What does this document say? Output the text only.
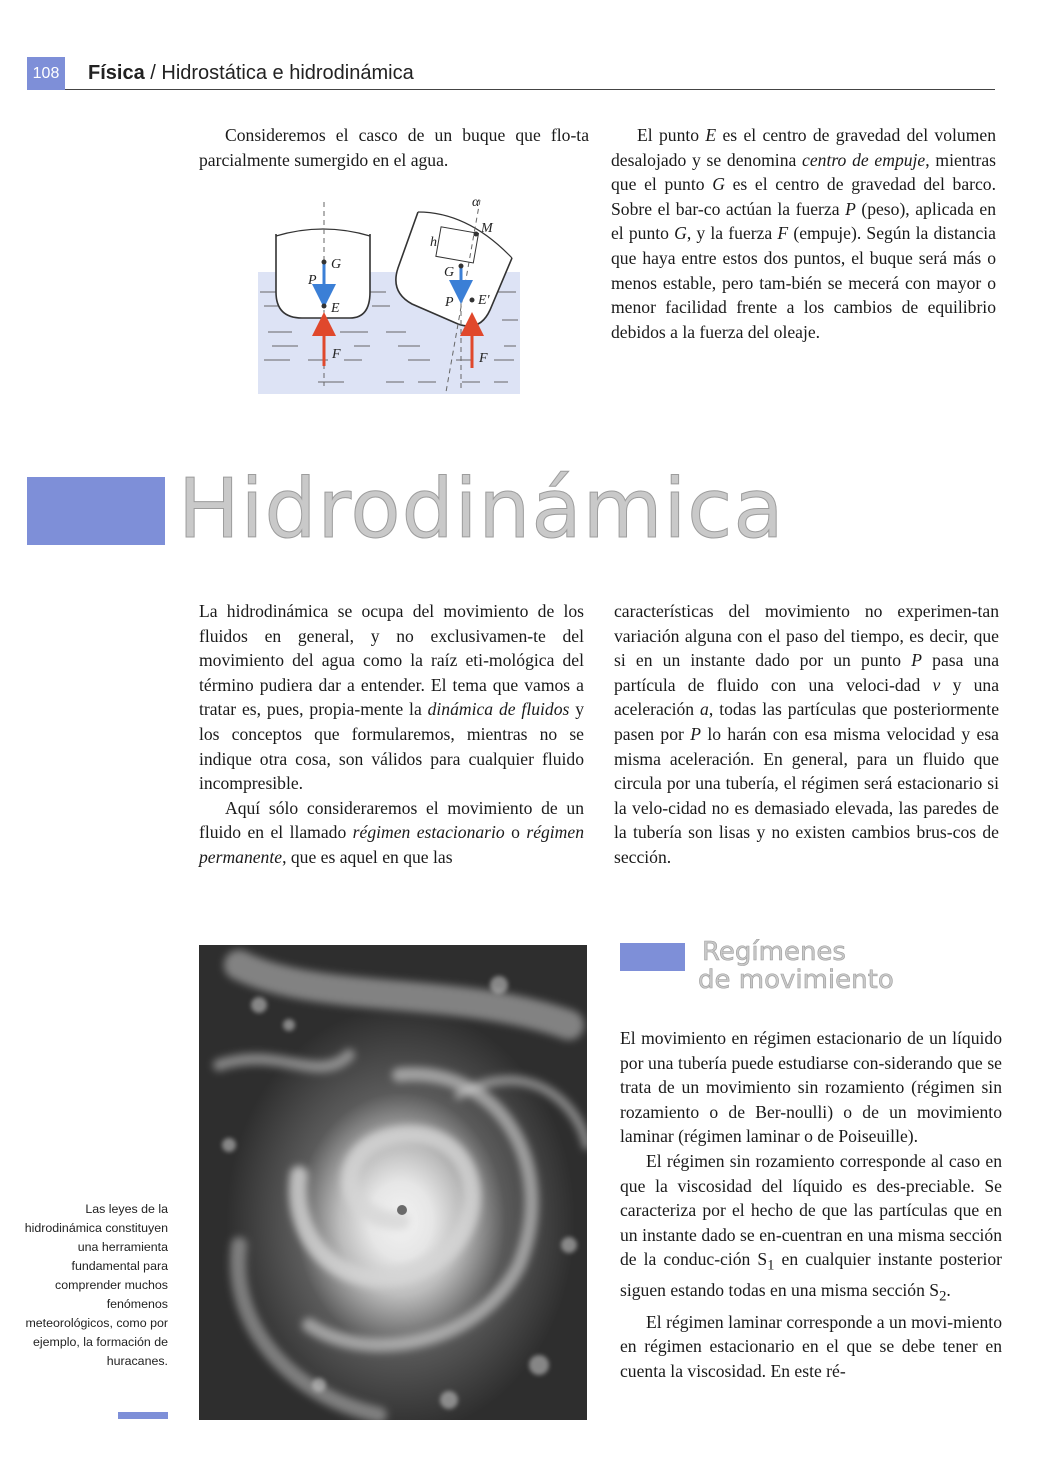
108 Física / Hidrostática e hidrodinámica

Consideremos el casco de un buque que flo-ta parcialmente sumergido en el agua.

G
P
E
F
α
M
h
G
P E'
F

El punto E es el centro de gravedad del volumen desalojado y se denomina centro de empuje, mientras que el punto G es el centro de gravedad del barco. Sobre el bar-co actúan la fuerza P (peso), aplicada en el punto G, y la fuerza F (empuje). Según la distancia que haya entre estos dos puntos, el buque será más o menos estable, pero tam-bién se mecerá con mayor o menor facilidad frente a los cambios de equilibrio debidos a la fuerza del oleaje.

Hidrodinámica

La hidrodinámica se ocupa del movimiento de los fluidos en general, y no exclusivamen-te del movimiento del agua como la raíz eti-mológica del término pudiera dar a entender. El tema que vamos a tratar es, pues, propia-mente la dinámica de fluidos y los conceptos que formularemos, mientras no se indique otra cosa, son válidos para cualquier fluido incompresible.

Aquí sólo consideraremos el movimiento de un fluido en el llamado régimen estacionario o régimen permanente, que es aquel en que las

características del movimiento no experimen-tan variación alguna con el paso del tiempo, es decir, que si en un instante dado por un punto P pasa una partícula de fluido con una veloci-dad v y una aceleración a, todas las partículas que posteriormente pasen por P lo harán con esa misma velocidad y esa misma aceleración. En general, para un fluido que circula por una tubería, el régimen será estacionario si la velo-cidad no es demasiado elevada, las paredes de la tubería son lisas y no existen cambios brus-cos de sección.

Las leyes de la hidrodinámica constituyen una herramienta fundamental para comprender muchos fenómenos meteorológicos, como por ejemplo, la formación de huracanes.
Regímenes
de movimiento

El movimiento en régimen estacionario de un líquido por una tubería puede estudiarse con-siderando que se trata de un movimiento sin rozamiento (régimen sin rozamiento o de Ber-noulli) o de un movimiento laminar (régimen laminar o de Poiseuille).

El régimen sin rozamiento corresponde al caso en que la viscosidad del líquido es des-preciable. Se caracteriza por el hecho de que las partículas que en un instante dado se en-cuentran en una misma sección de la conduc-ción $S_1$ en cualquier instante posterior siguen estando todas en una misma sección $S_2$.

El régimen laminar corresponde a un movi-miento en régimen estacionario en el que se debe tener en cuenta la viscosidad. En este ré-
